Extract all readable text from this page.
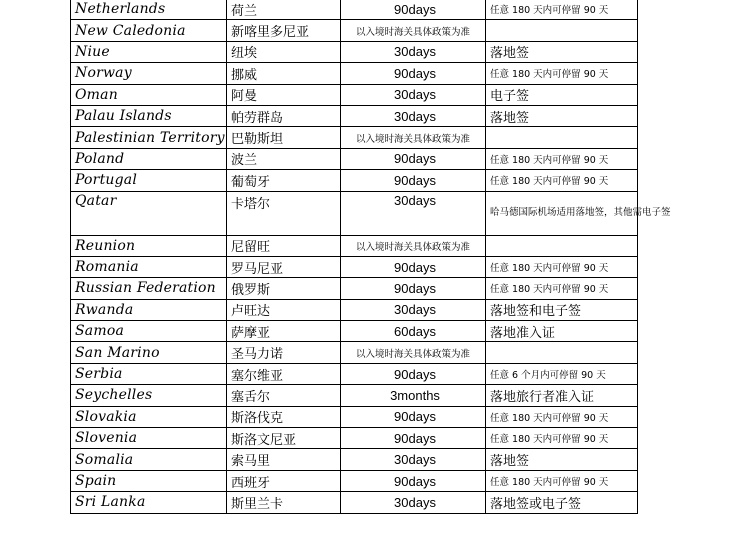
Netherlands	荷兰	90days	任意 180 天内可停留 90 天
New Caledonia	新喀里多尼亚	以入境时海关具体政策为准	
Niue	纽埃	30days	落地签
Norway	挪威	90days	任意 180 天内可停留 90 天
Oman	阿曼	30days	电子签
Palau Islands	帕劳群岛	30days	落地签
Palestinian Territory	巴勒斯坦	以入境时海关具体政策为准	
Poland	波兰	90days	任意 180 天内可停留 90 天
Portugal	葡萄牙	90days	任意 180 天内可停留 90 天
Qatar	卡塔尔	30days	哈马德国际机场适用落地签，其他需电子签
Reunion	尼留旺	以入境时海关具体政策为准	
Romania	罗马尼亚	90days	任意 180 天内可停留 90 天
Russian Federation	俄罗斯	90days	任意 180 天内可停留 90 天
Rwanda	卢旺达	30days	落地签和电子签
Samoa	萨摩亚	60days	落地准入证
San Marino	圣马力诺	以入境时海关具体政策为准	
Serbia	塞尔维亚	90days	任意 6 个月内可停留 90 天
Seychelles	塞舌尔	3months	落地旅行者准入证
Slovakia	斯洛伐克	90days	任意 180 天内可停留 90 天
Slovenia	斯洛文尼亚	90days	任意 180 天内可停留 90 天
Somalia	索马里	30days	落地签
Spain	西班牙	90days	任意 180 天内可停留 90 天
Sri Lanka	斯里兰卡	30days	落地签或电子签
